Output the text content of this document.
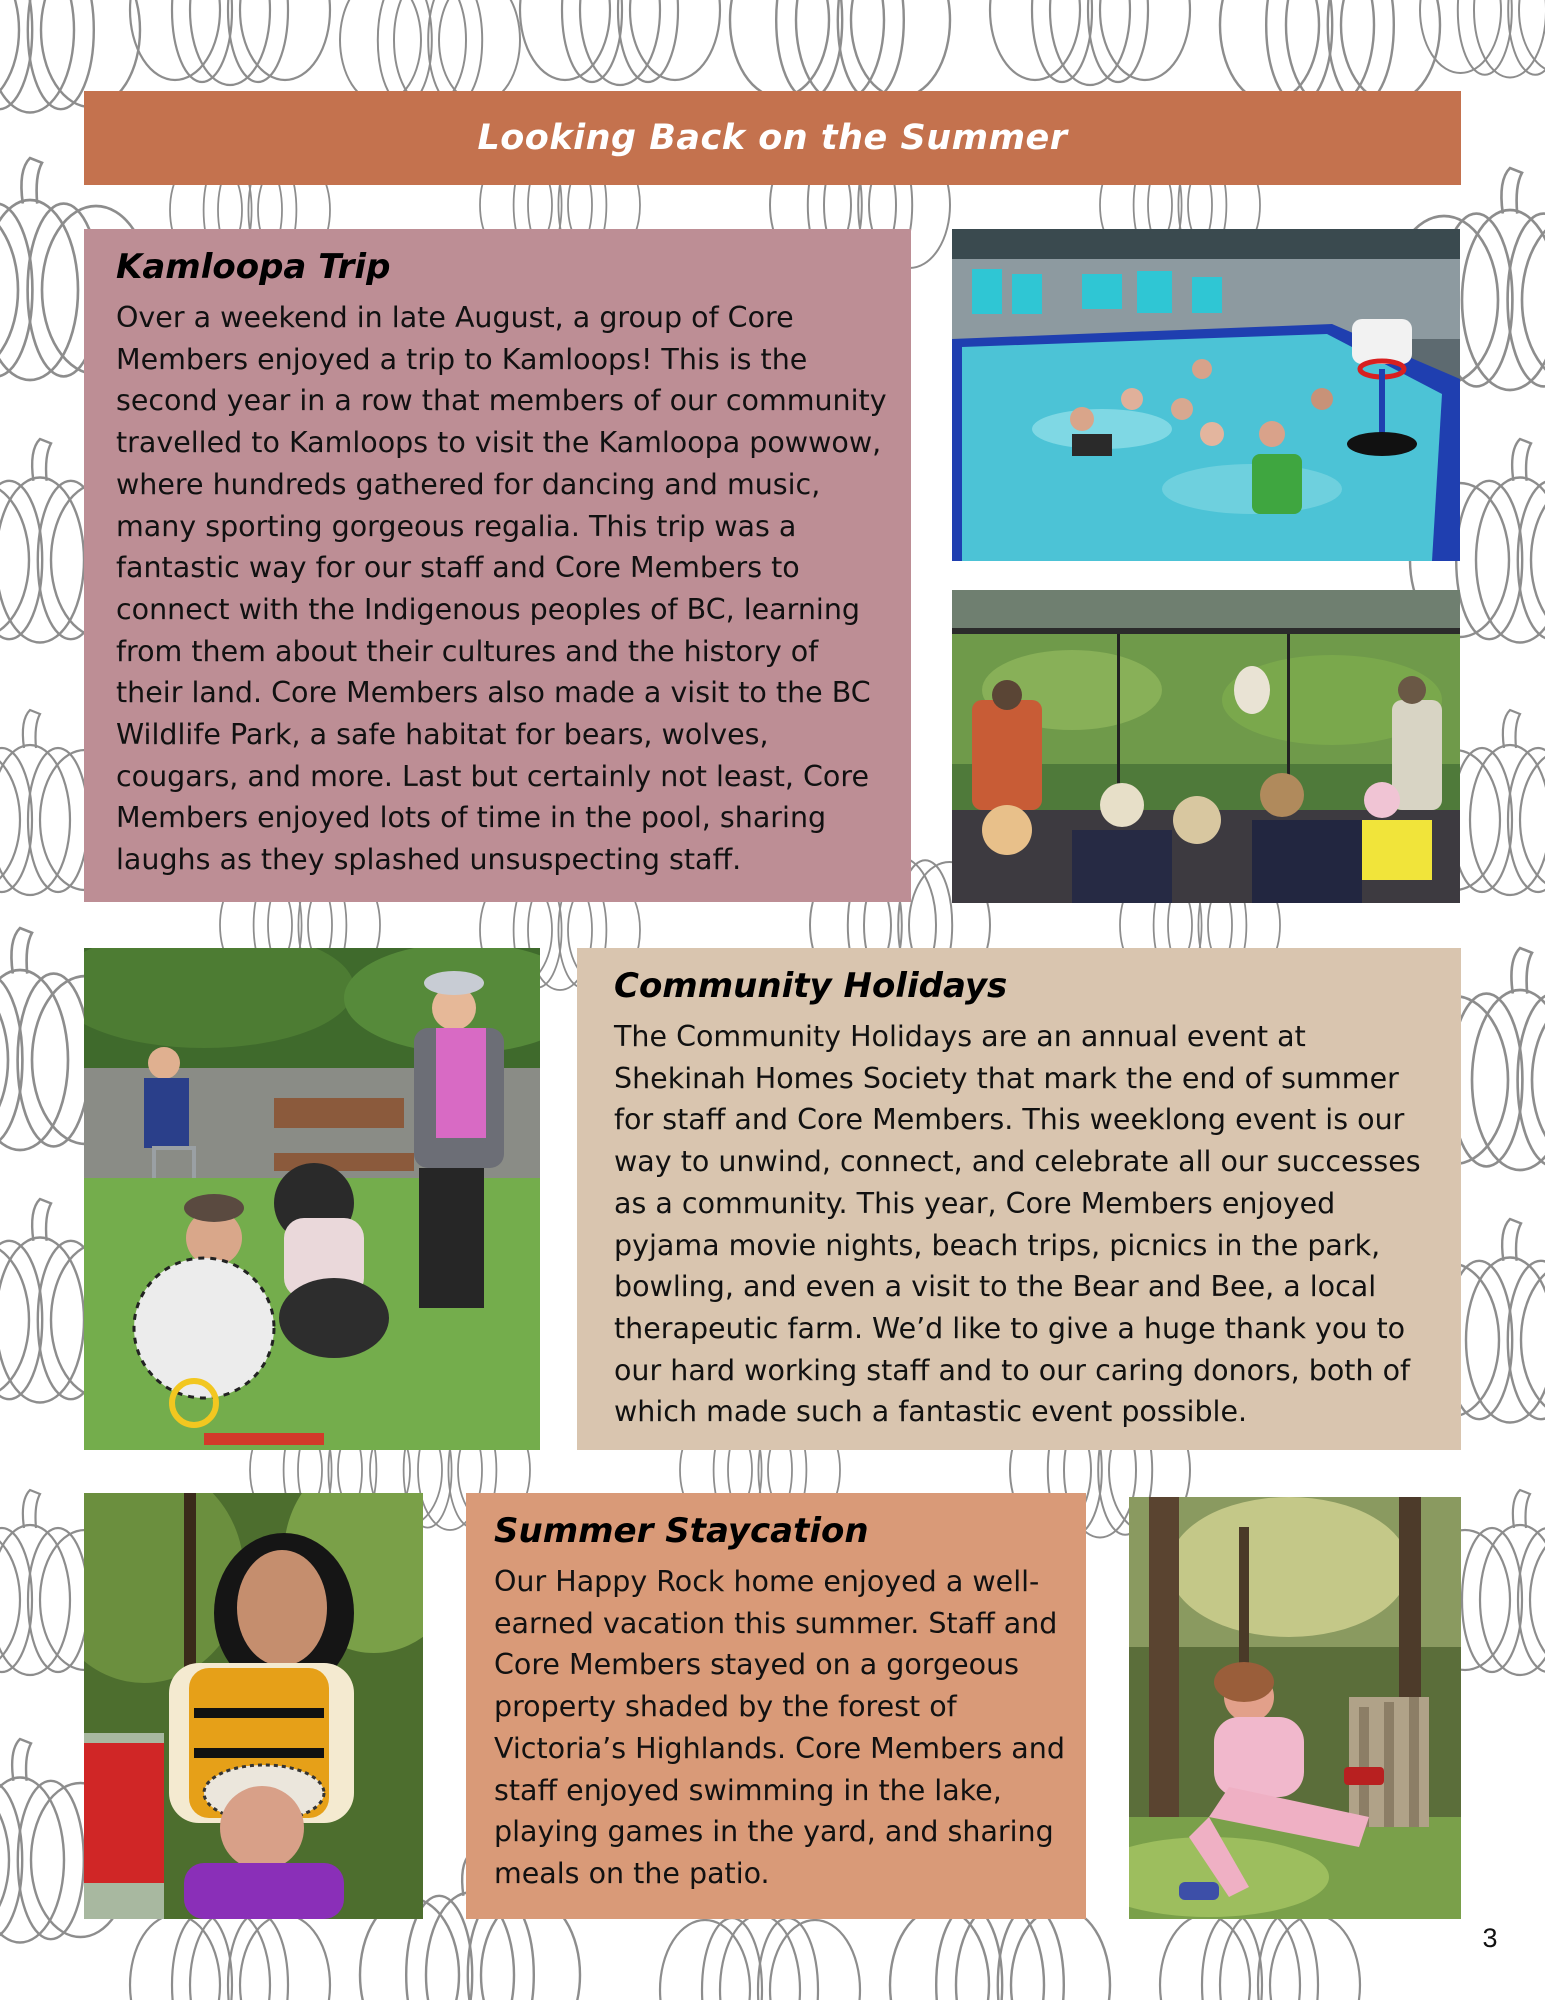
Looking Back on the Summer
Kamloopa Trip

Over a weekend in late August, a group of Core Members enjoyed a trip to Kamloops! This is the second year in a row that members of our community travelled to Kamloops to visit the Kamloopa powwow, where hundreds gathered for dancing and music, many sporting gorgeous regalia. This trip was a fantastic way for our staff and Core Members to connect with the Indigenous peoples of BC, learning from them about their cultures and the history of their land. Core Members also made a visit to the BC Wildlife Park, a safe habitat for bears, wolves, cougars, and more. Last but certainly not least, Core Members enjoyed lots of time in the pool, sharing laughs as they splashed unsuspecting staff.

Community Holidays

The Community Holidays are an annual event at Shekinah Homes Society that mark the end of summer for staff and Core Members. This weeklong event is our way to unwind, connect, and celebrate all our successes as a community. This year, Core Members enjoyed pyjama movie nights, beach trips, picnics in the park, bowling, and even a visit to the Bear and Bee, a local therapeutic farm. We’d like to give a huge thank you to our hard working staff and to our caring donors, both of which made such a fantastic event possible.

Summer Staycation

Our Happy Rock home enjoyed a well-earned vacation this summer. Staff and Core Members stayed on a gorgeous property shaded by the forest of Victoria’s Highlands. Core Members and staff enjoyed swimming in the lake, playing games in the yard, and sharing meals on the patio.

3
